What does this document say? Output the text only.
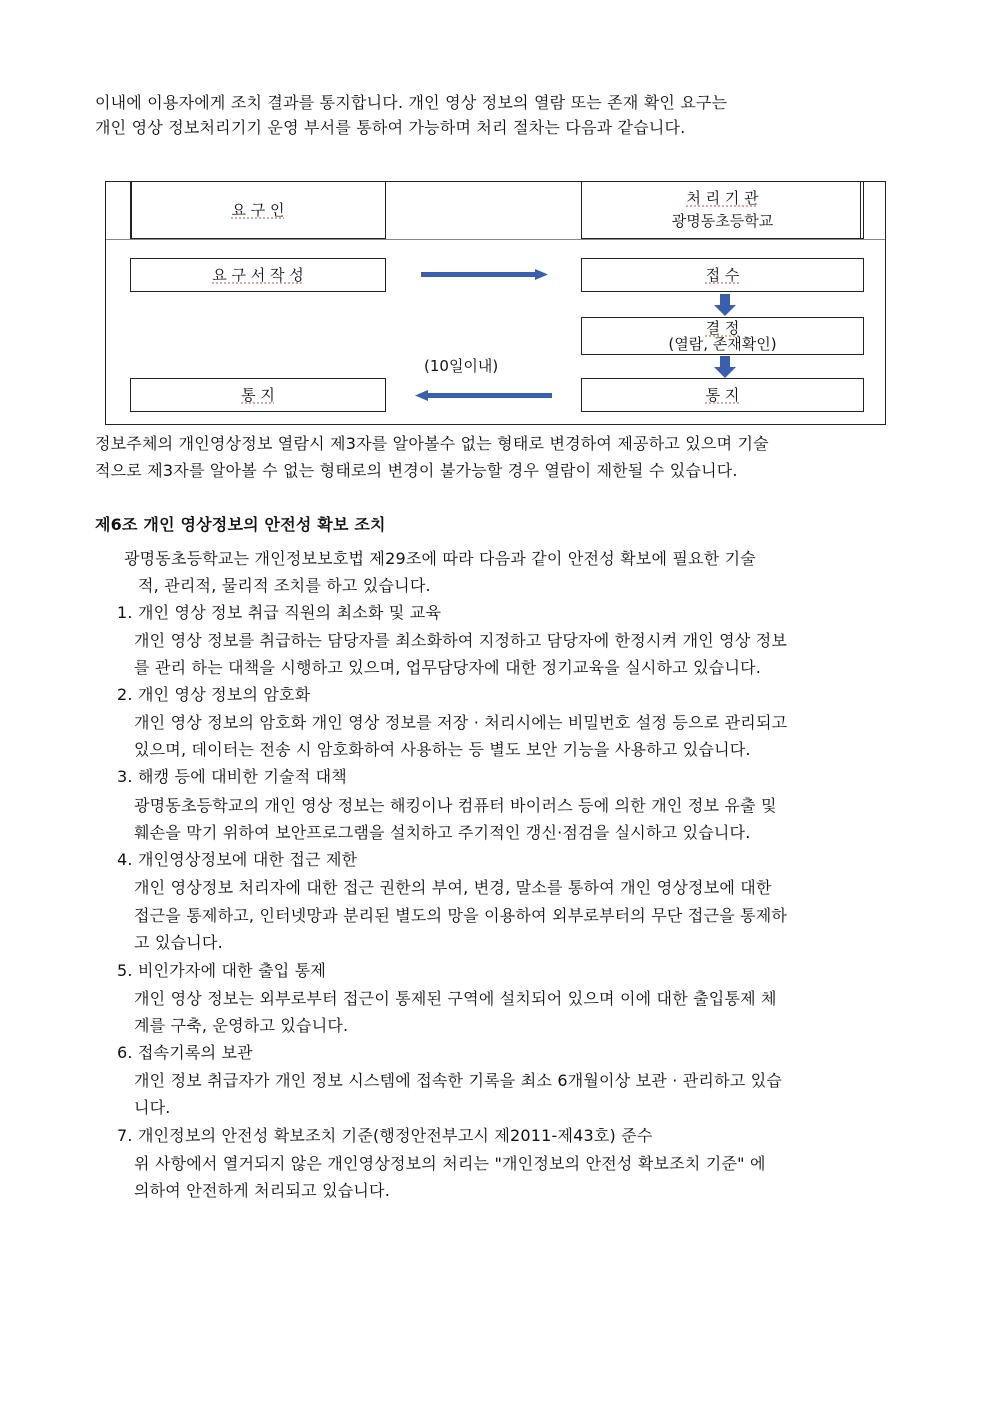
이내에 이용자에게 조치 결과를 통지합니다. 개인 영상 정보의 열람 또는 존재 확인 요구는
개인 영상 정보처리기기 운영 부서를 통하여 가능하며 처리 절차는 다음과 같습니다.
요 구 인
처 리 기 관
광명동초등학교
요 구 서 작 성	접 수
결 정
(열람, 존재확인)
통 지	통 지
(10일이내)
정보주체의 개인영상정보 열람시 제3자를 알아볼수 없는 형태로 변경하여 제공하고 있으며 기술
적으로 제3자를 알아볼 수 없는 형태로의 변경이 불가능할 경우 열람이 제한될 수 있습니다.
제6조 개인 영상정보의 안전성 확보 조치
광명동초등학교는 개인정보보호법 제29조에 따라 다음과 같이 안전성 확보에 필요한 기술
적, 관리적, 물리적 조치를 하고 있습니다.
1. 개인 영상 정보 취급 직원의 최소화 및 교육
개인 영상 정보를 취급하는 담당자를 최소화하여 지정하고 담당자에 한정시켜 개인 영상 정보
를 관리 하는 대책을 시행하고 있으며, 업무담당자에 대한 정기교육을 실시하고 있습니다.
2. 개인 영상 정보의 암호화
개인 영상 정보의 암호화 개인 영상 정보를 저장 · 처리시에는 비밀번호 설정 등으로 관리되고
있으며, 데이터는 전송 시 암호화하여 사용하는 등 별도 보안 기능을 사용하고 있습니다.
3. 해캥 등에 대비한 기술적 대책
광명동초등학교의 개인 영상 정보는 해킹이나 컴퓨터 바이러스 등에 의한 개인 정보 유출 및
훼손을 막기 위하여 보안프로그램을 설치하고 주기적인 갱신·점검을 실시하고 있습니다.
4. 개인영상정보에 대한 접근 제한
개인 영상정보 처리자에 대한 접근 권한의 부여, 변경, 말소를 통하여 개인 영상정보에 대한
접근을 통제하고, 인터넷망과 분리된 별도의 망을 이용하여 외부로부터의 무단 접근을 통제하
고 있습니다.
5. 비인가자에 대한 출입 통제
개인 영상 정보는 외부로부터 접근이 통제된 구역에 설치되어 있으며 이에 대한 출입통제 체
계를 구축, 운영하고 있습니다.
6. 접속기록의 보관
개인 정보 취급자가 개인 정보 시스템에 접속한 기록을 최소 6개월이상 보관 · 관리하고 있습
니다.
7. 개인정보의 안전성 확보조치 기준(행정안전부고시 제2011-제43호) 준수
위 사항에서 열거되지 않은 개인영상정보의 처리는 "개인정보의 안전성 확보조치 기준" 에
의하여 안전하게 처리되고 있습니다.
